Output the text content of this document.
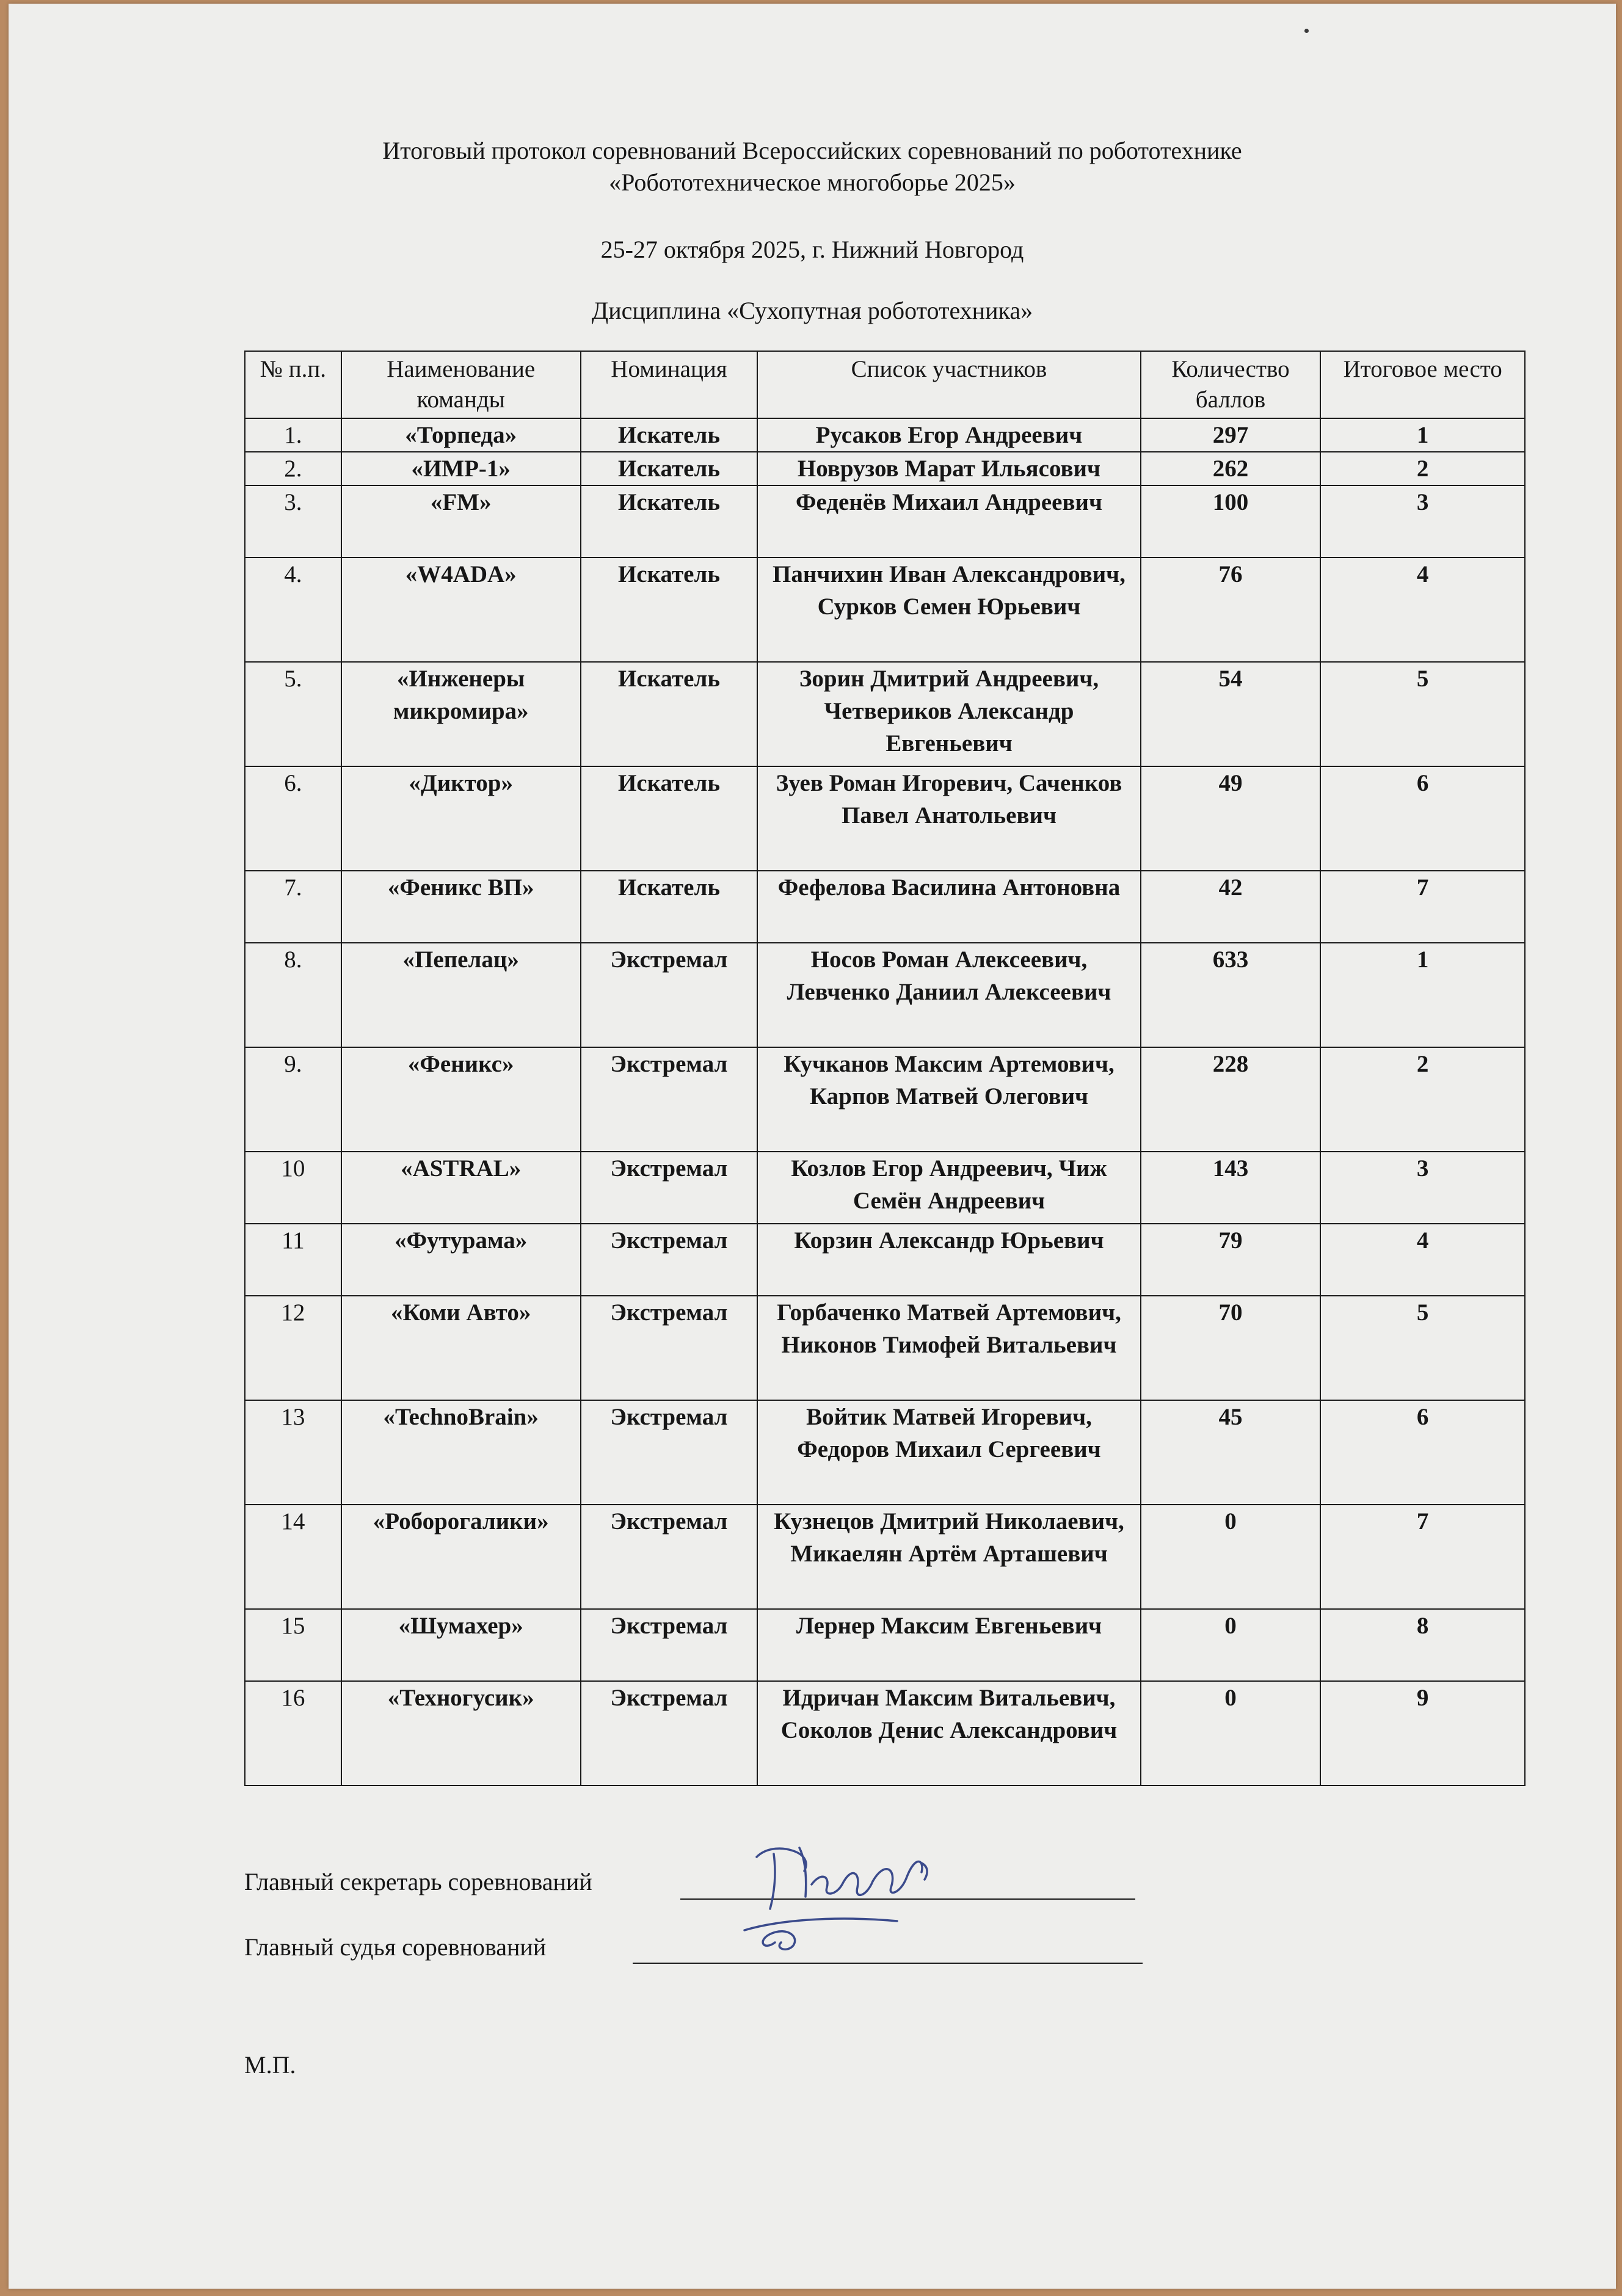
Итоговый протокол соревнований Всероссийских соревнований по робототехнике
«Робототехническое многоборье 2025»
25-27 октября 2025, г. Нижний Новгород
Дисциплина «Сухопутная робототехника»
№ п.п.	Наименование команды	Номинация	Список участников	Количество баллов	Итоговое место
1.	«Торпеда»	Искатель	Русаков Егор Андреевич	297	1
2.	«ИМР-1»	Искатель	Новрузов Марат Ильясович	262	2
3.	«FM»	Искатель	Феденёв Михаил Андреевич	100	3
4.	«W4ADA»	Искатель	Панчихин Иван Александрович, Сурков Семен Юрьевич	76	4
5.	«Инженеры микромира»	Искатель	Зорин Дмитрий Андреевич, Четвериков Александр Евгеньевич	54	5
6.	«Диктор»	Искатель	Зуев Роман Игоревич, Саченков Павел Анатольевич	49	6
7.	«Феникс ВП»	Искатель	Фефелова Василина Антоновна	42	7
8.	«Пепелац»	Экстремал	Носов Роман Алексеевич, Левченко Даниил Алексеевич	633	1
9.	«Феникс»	Экстремал	Кучканов Максим Артемович, Карпов Матвей Олегович	228	2
10	«ASTRAL»	Экстремал	Козлов Егор Андреевич, Чиж Семён Андреевич	143	3
11	«Футурама»	Экстремал	Корзин Александр Юрьевич	79	4
12	«Коми Авто»	Экстремал	Горбаченко Матвей Артемович, Никонов Тимофей Витальевич	70	5
13	«TechnoBrain»	Экстремал	Войтик Матвей Игоревич, Федоров Михаил Сергеевич	45	6
14	«Роборогалики»	Экстремал	Кузнецов Дмитрий Николаевич, Микаелян Артём Арташевич	0	7
15	«Шумахер»	Экстремал	Лернер Максим Евгеньевич	0	8
16	«Техногусик»	Экстремал	Идричан Максим Витальевич, Соколов Денис Александрович	0	9
Главный секретарь соревнований
Главный судья соревнований
М.П.
